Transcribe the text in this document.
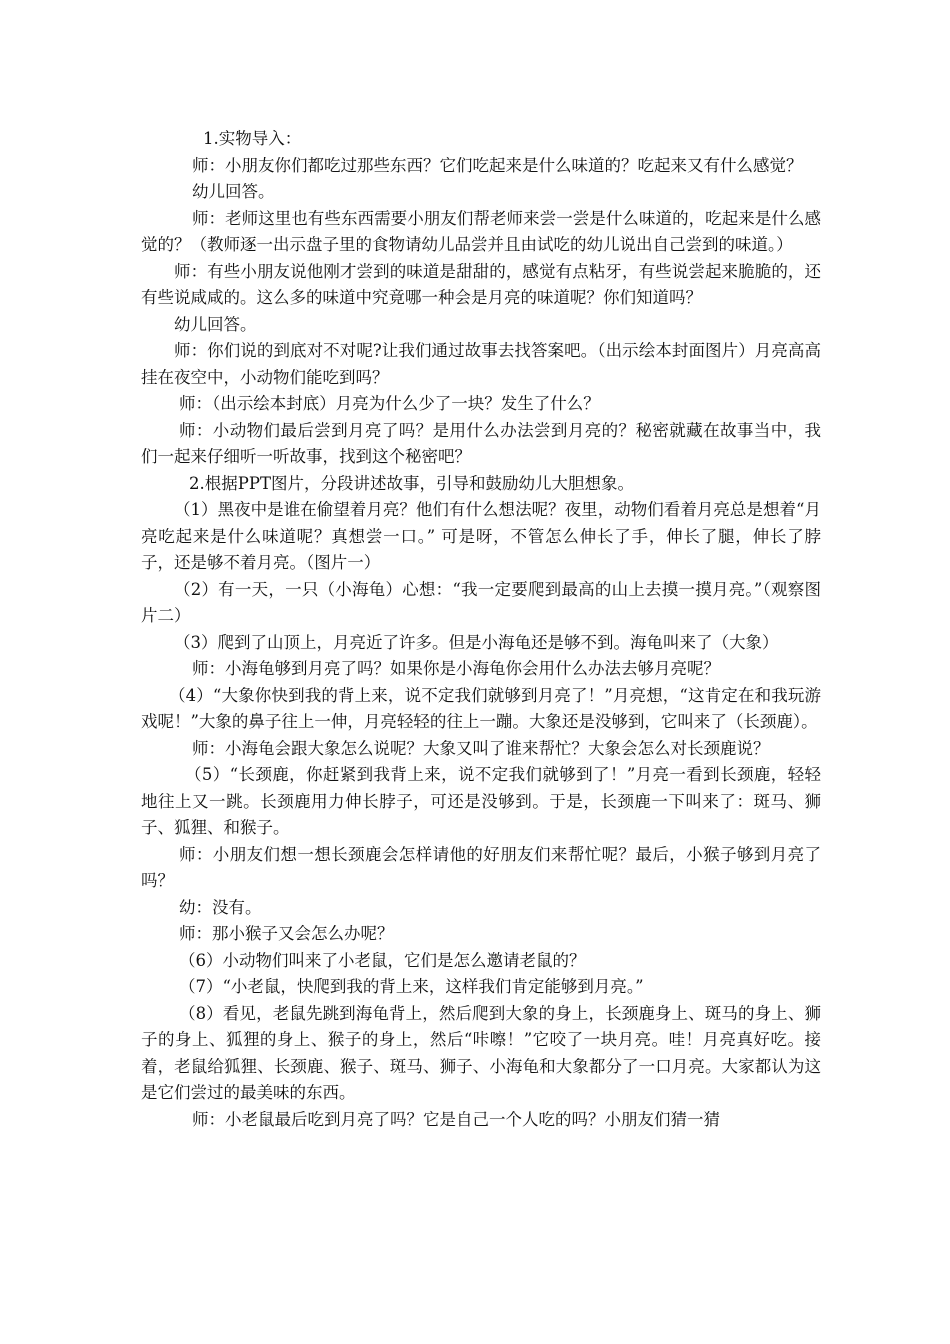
1.实物导入：

师：小朋友你们都吃过那些东西？它们吃起来是什么味道的？吃起来又有什么感觉？

幼儿回答。

师：老师这里也有些东西需要小朋友们帮老师来尝一尝是什么味道的，吃起来是什么感觉的？（教师逐一出示盘子里的食物请幼儿品尝并且由试吃的幼儿说出自己尝到的味道。）

师：有些小朋友说他刚才尝到的味道是甜甜的，感觉有点粘牙，有些说尝起来脆脆的，还有些说咸咸的。这么多的味道中究竟哪一种会是月亮的味道呢？你们知道吗？

幼儿回答。

师：你们说的到底对不对呢?让我们通过故事去找答案吧。（出示绘本封面图片）月亮高高挂在夜空中，小动物们能吃到吗？

师：（出示绘本封底）月亮为什么少了一块？发生了什么？

师：小动物们最后尝到月亮了吗？是用什么办法尝到月亮的？秘密就藏在故事当中，我们一起来仔细听一听故事，找到这个秘密吧？

2.根据PPT图片，分段讲述故事，引导和鼓励幼儿大胆想象。

（1）黑夜中是谁在偷望着月亮？他们有什么想法呢？夜里，动物们看着月亮总是想着“月亮吃起来是什么味道呢？真想尝一口。” 可是呀，不管怎么伸长了手，伸长了腿，伸长了脖子，还是够不着月亮。（图片一）

（2）有一天，一只（小海龟）心想：“我一定要爬到最高的山上去摸一摸月亮。”（观察图片二）

（3）爬到了山顶上，月亮近了许多。但是小海龟还是够不到。海龟叫来了（大象）

师：小海龟够到月亮了吗？如果你是小海龟你会用什么办法去够月亮呢？

（4）“大象你快到我的背上来，说不定我们就够到月亮了！”月亮想，“这肯定在和我玩游戏呢！”大象的鼻子往上一伸，月亮轻轻的往上一蹦。大象还是没够到，它叫来了（长颈鹿）。

师：小海龟会跟大象怎么说呢？大象又叫了谁来帮忙？大象会怎么对长颈鹿说？

（5）“长颈鹿，你赶紧到我背上来，说不定我们就够到了！”月亮一看到长颈鹿，轻轻地往上又一跳。长颈鹿用力伸长脖子，可还是没够到。于是，长颈鹿一下叫来了：斑马、狮子、狐狸、和猴子。

师：小朋友们想一想长颈鹿会怎样请他的好朋友们来帮忙呢？最后，小猴子够到月亮了吗？

幼：没有。

师：那小猴子又会怎么办呢？

（6）小动物们叫来了小老鼠，它们是怎么邀请老鼠的？

（7）“小老鼠，快爬到我的背上来，这样我们肯定能够到月亮。”

（8）看见，老鼠先跳到海龟背上，然后爬到大象的身上，长颈鹿身上、斑马的身上、狮子的身上、狐狸的身上、猴子的身上，然后“咔嚓！”它咬了一块月亮。哇！月亮真好吃。接着，老鼠给狐狸、长颈鹿、猴子、斑马、狮子、小海龟和大象都分了一口月亮。大家都认为这是它们尝过的最美味的东西。

师：小老鼠最后吃到月亮了吗？它是自己一个人吃的吗？小朋友们猜一猜
